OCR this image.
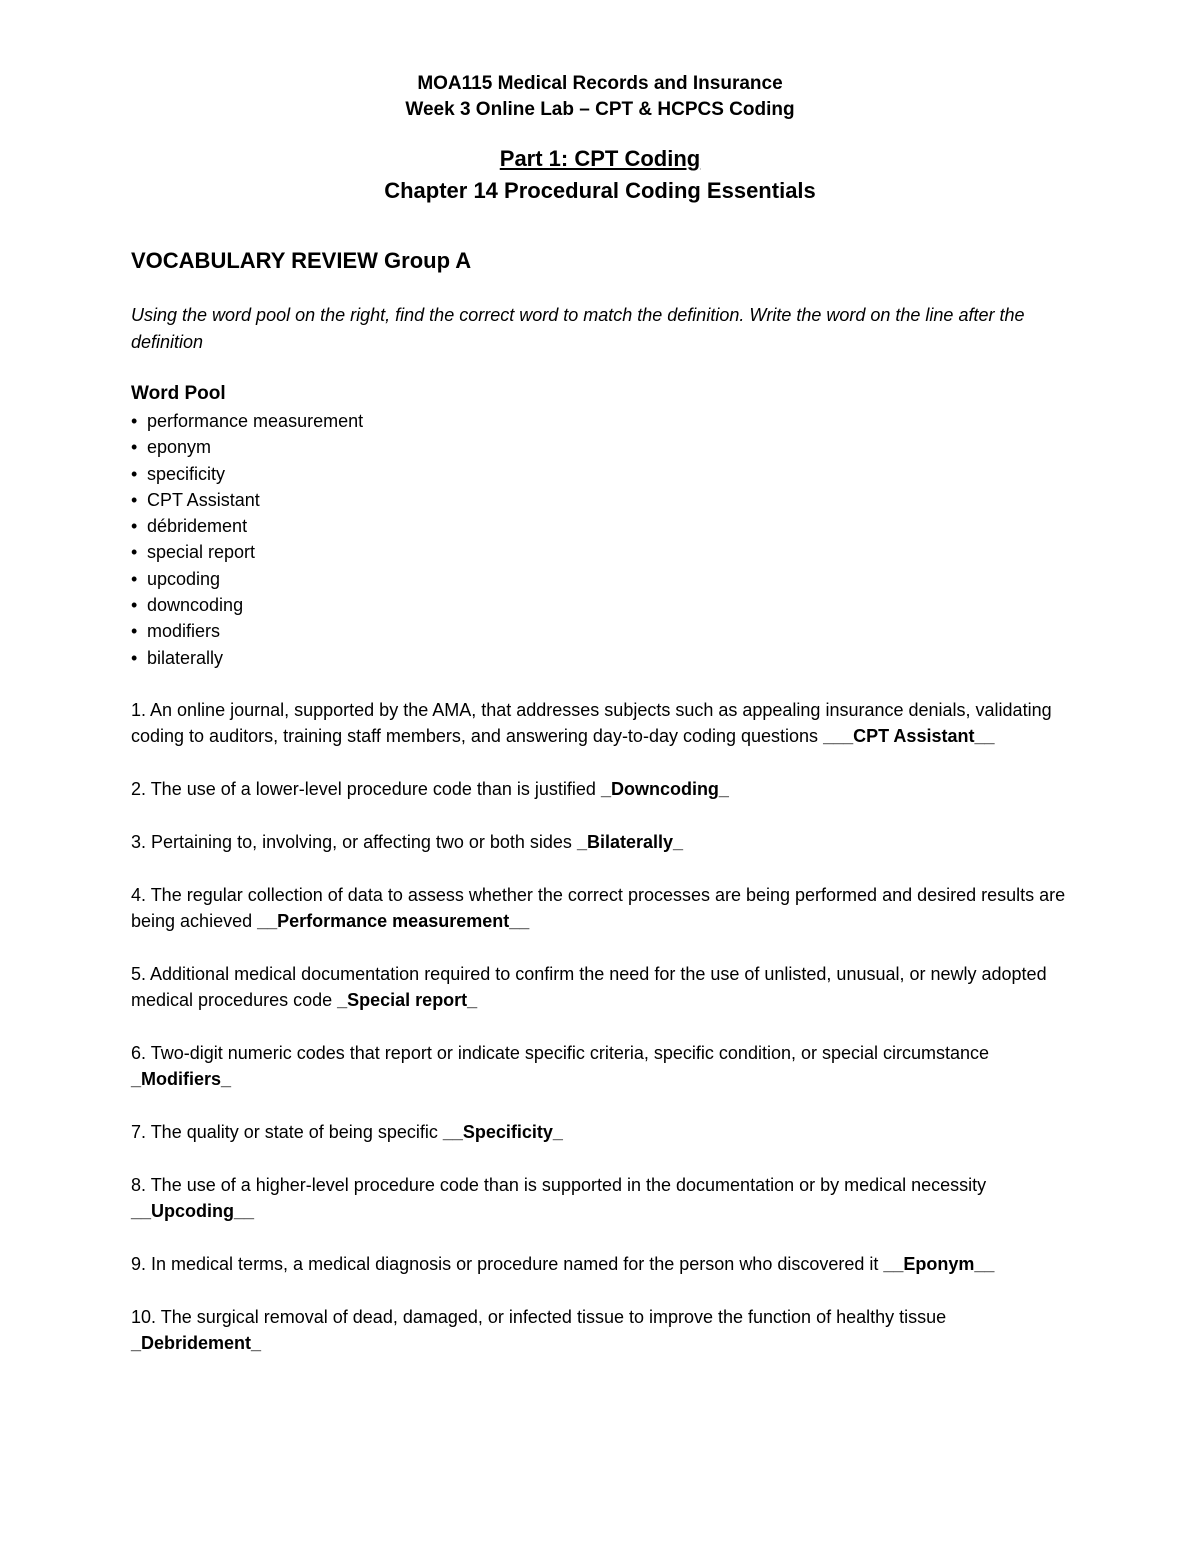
MOA115 Medical Records and Insurance
Week 3 Online Lab – CPT & HCPCS Coding
Part 1: CPT Coding
Chapter 14 Procedural Coding Essentials
VOCABULARY REVIEW Group A
Using the word pool on the right, find the correct word to match the definition. Write the word on the line after the definition
Word Pool
• performance measurement
• eponym
• specificity
• CPT Assistant
• débridement
• special report
• upcoding
• downcoding
• modifiers
• bilaterally

1. An online journal, supported by the AMA, that addresses subjects such as appealing insurance denials, validating coding to auditors, training staff members, and answering day-to-day coding questions ___CPT Assistant__

2. The use of a lower-level procedure code than is justified _Downcoding_

3. Pertaining to, involving, or affecting two or both sides _Bilaterally_

4. The regular collection of data to assess whether the correct processes are being performed and desired results are being achieved __Performance measurement__

5. Additional medical documentation required to confirm the need for the use of unlisted, unusual, or newly adopted medical procedures code _Special report_

6. Two-digit numeric codes that report or indicate specific criteria, specific condition, or special circumstance _Modifiers_

7. The quality or state of being specific __Specificity_

8. The use of a higher-level procedure code than is supported in the documentation or by medical necessity __Upcoding__

9. In medical terms, a medical diagnosis or procedure named for the person who discovered it __Eponym__

10. The surgical removal of dead, damaged, or infected tissue to improve the function of healthy tissue _Debridement_
